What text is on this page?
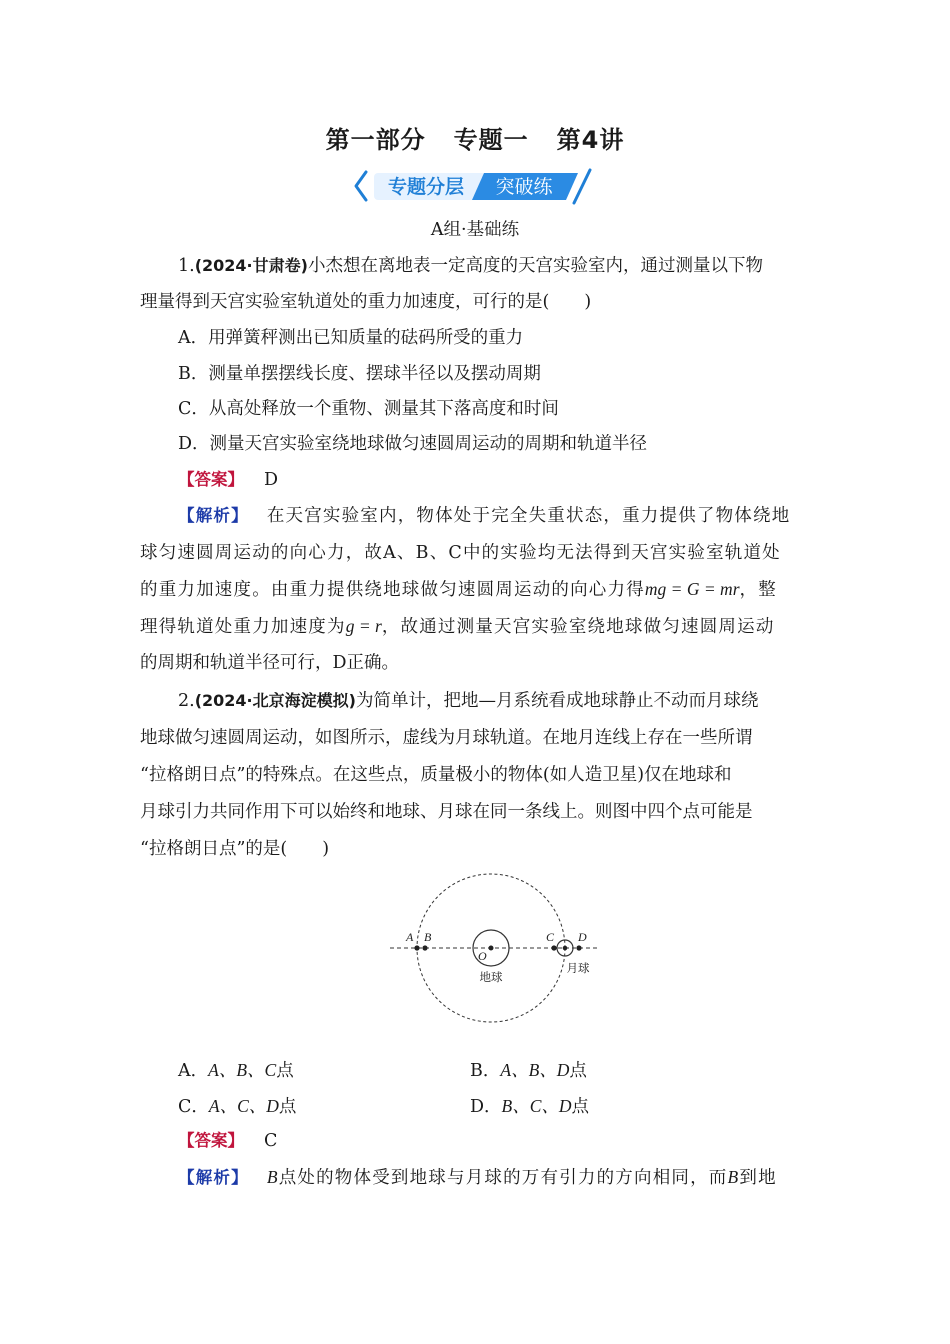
第一部分 专题一 第4讲
专题分层 突破练
A组·基础练
1.(2024·甘肃卷)小杰想在离地表一定高度的天宫实验室内，通过测量以下物
理量得到天宫实验室轨道处的重力加速度，可行的是(　　)
A．用弹簧秤测出已知质量的砝码所受的重力
B．测量单摆摆线长度、摆球半径以及摆动周期
C．从高处释放一个重物、测量其下落高度和时间
D．测量天宫实验室绕地球做匀速圆周运动的周期和轨道半径
【答案】 D
【解析】 在天宫实验室内，物体处于完全失重状态，重力提供了物体绕地
球匀速圆周运动的向心力，故A、B、C中的实验均无法得到天宫实验室轨道处
的重力加速度。由重力提供绕地球做匀速圆周运动的向心力得mg = G = mr，整
理得轨道处重力加速度为g = r，故通过测量天宫实验室绕地球做匀速圆周运动
的周期和轨道半径可行，D正确。
2.(2024·北京海淀模拟)为简单计，把地—月系统看成地球静止不动而月球绕
地球做匀速圆周运动，如图所示，虚线为月球轨道。在地月连线上存在一些所谓
“拉格朗日点”的特殊点。在这些点，质量极小的物体(如人造卫星)仅在地球和
月球引力共同作用下可以始终和地球、月球在同一条线上。则图中四个点可能是
“拉格朗日点”的是(　　)
A B	C D
O
地球
月球
A．A、B、C点	B．A、B、D点
C．A、C、D点	D．B、C、D点
【答案】 C
【解析】 B点处的物体受到地球与月球的万有引力的方向相同，而B到地
